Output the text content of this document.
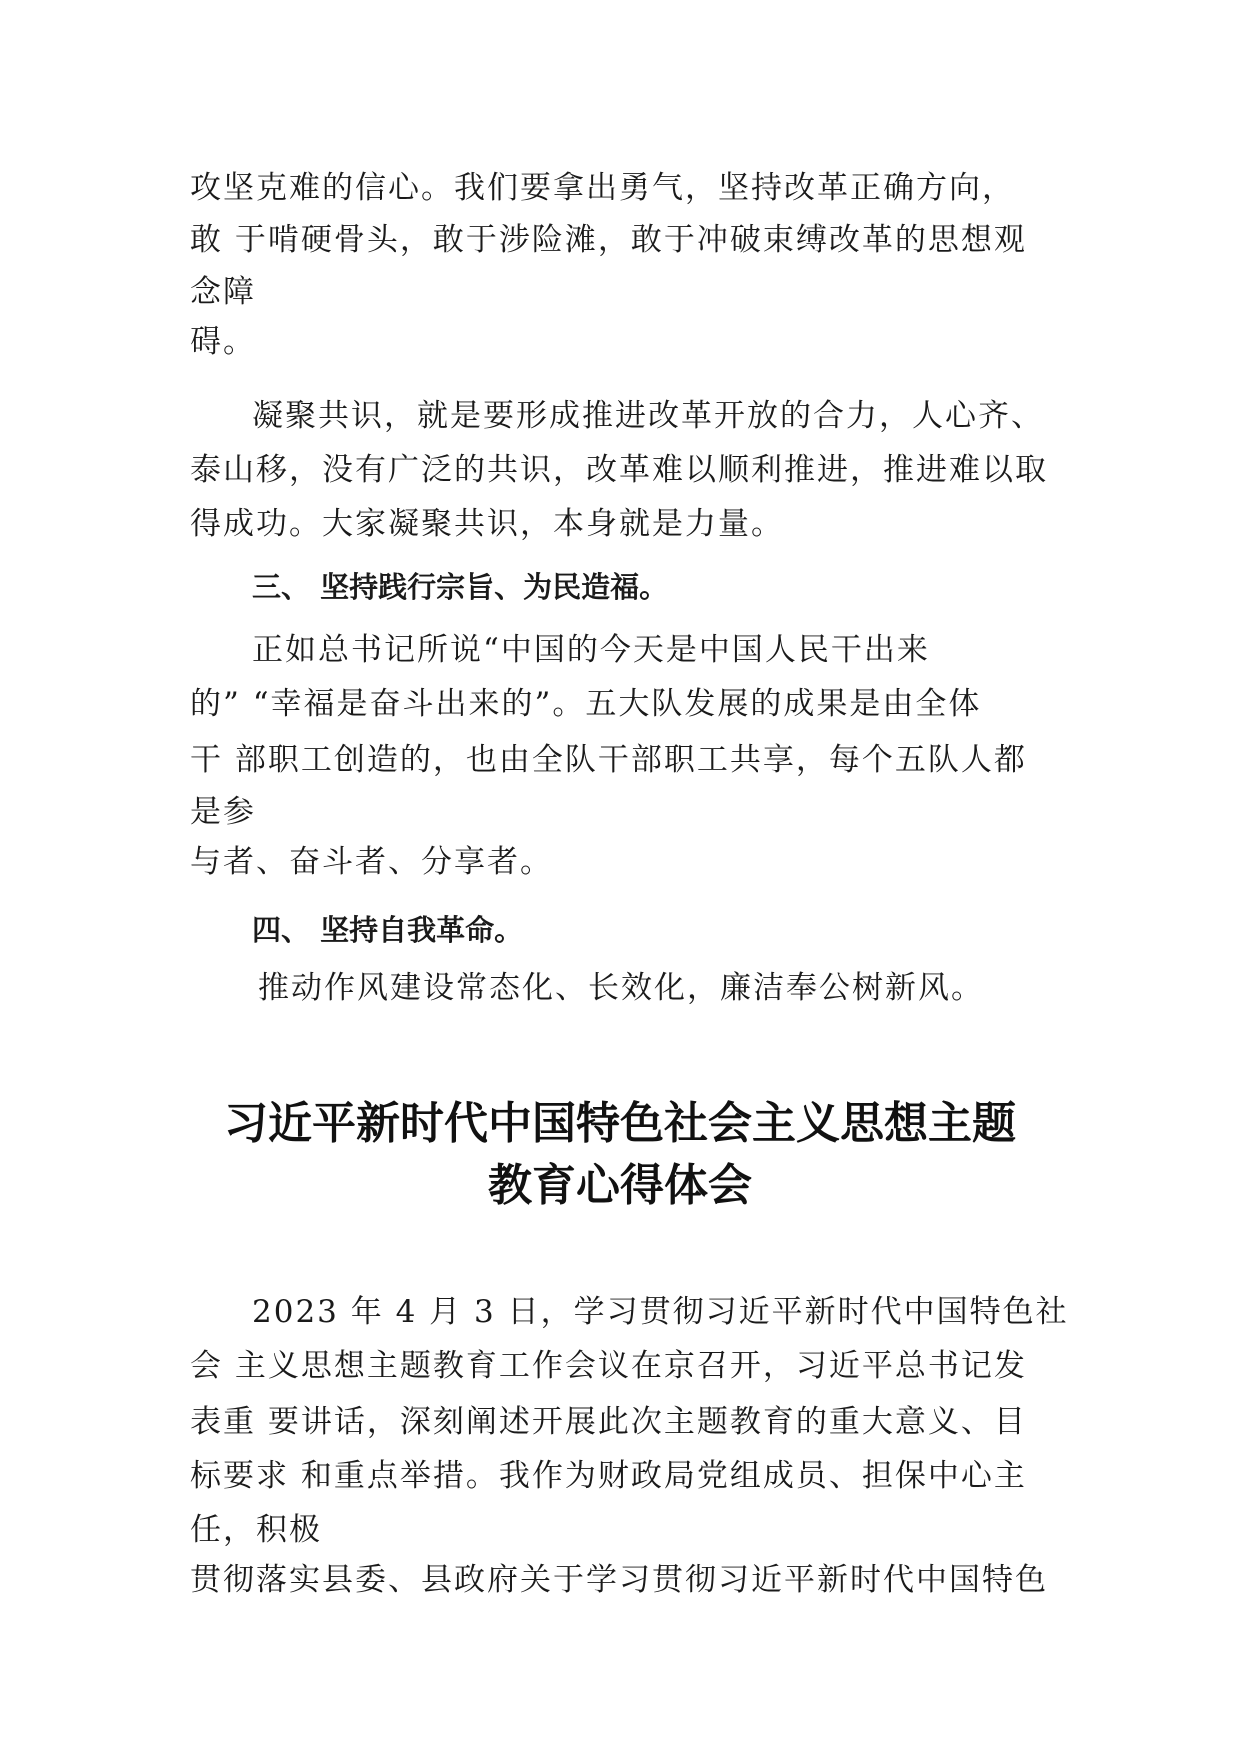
攻坚克难的信心。我们要拿出勇气，坚持改革正确方向，
敢 于啃硬骨头，敢于涉险滩，敢于冲破束缚改革的思想观
念障
碍。
凝聚共识，就是要形成推进改革开放的合力，人心齐、
泰山移，没有广泛的共识，改革难以顺利推进，推进难以取
得成功。大家凝聚共识，本身就是力量。
三、 坚持践行宗旨、为民造福。
正如总书记所说“中国的今天是中国人民干出来
的” “幸福是奋斗出来的”。五大队发展的成果是由全体
干 部职工创造的，也由全队干部职工共享，每个五队人都
是参
与者、奋斗者、分享者。
四、 坚持自我革命。
推动作风建设常态化、长效化，廉洁奉公树新风。
习近平新时代中国特色社会主义思想主题
教育心得体会
2023 年 4 月 3 日，学习贯彻习近平新时代中国特色社
会 主义思想主题教育工作会议在京召开，习近平总书记发
表重 要讲话，深刻阐述开展此次主题教育的重大意义、目
标要求 和重点举措。我作为财政局党组成员、担保中心主
任，积极
贯彻落实县委、县政府关于学习贯彻习近平新时代中国特色
